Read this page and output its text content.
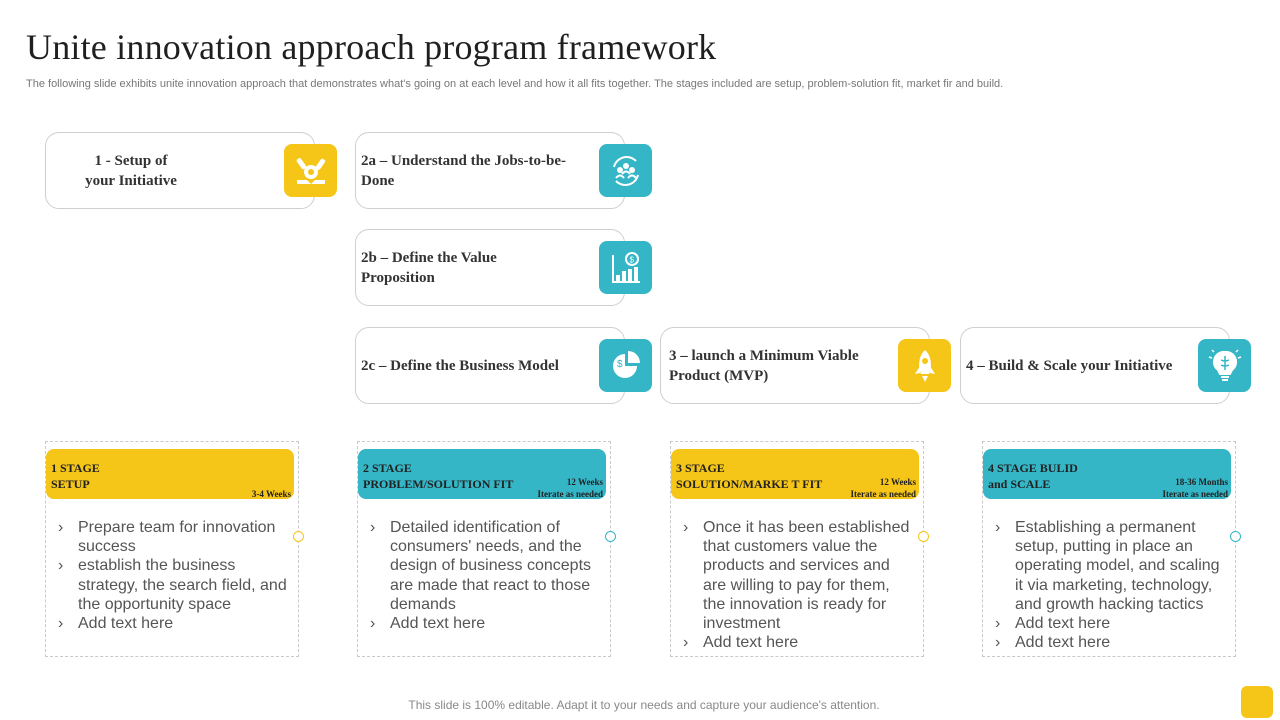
Unite innovation approach program framework
The following slide exhibits unite innovation approach that demonstrates what's going on at each level and how it all fits together. The stages included are setup, problem-solution fit, market fir and build.
1 - Setup of
your Initiative
2a – Understand the Jobs-to-be-
Done
2b – Define the Value
Proposition
$
2c – Define the Business Model	$
3 – launch a Minimum Viable
Product (MVP)
4 – Build & Scale your Initiative
1 STAGE
SETUP
3-4 Weeks
› Prepare team for innovation success
› establish the business strategy, the search field, and the opportunity space
› Add text here
2 STAGE
PROBLEM/SOLUTION FIT	12 Weeks
Iterate as needed
› Detailed identification of consumers' needs, and the design of business concepts are made that react to those demands
› Add text here
3 STAGE
SOLUTION/MARKE T FIT	12 Weeks
Iterate as needed
› Once it has been established that customers value the products and services and are willing to pay for them, the innovation is ready for investment
› Add text here
4 STAGE BULID
and SCALE	18-36 Months
Iterate as needed
› Establishing a permanent setup, putting in place an operating model, and scaling it via marketing, technology, and growth hacking tactics
› Add text here
› Add text here
This slide is 100% editable. Adapt it to your needs and capture your audience's attention.
